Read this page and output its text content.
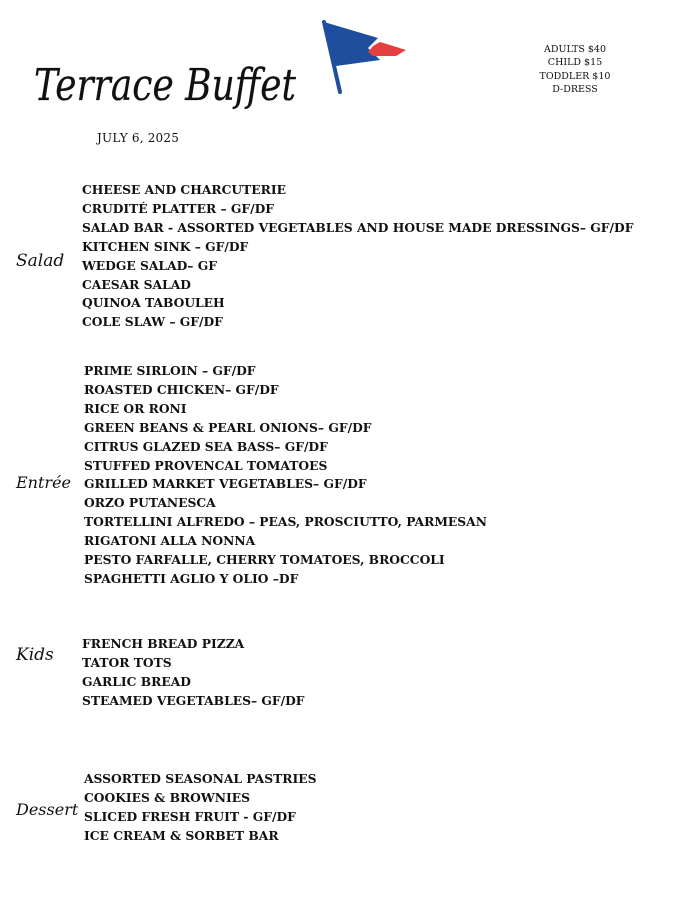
Terrace Buffet
ADULTS $40
CHILD $15
TODDLER $10
D-DRESS
JULY 6, 2025
Salad
CHEESE AND CHARCUTERIE
CRUDITÉ PLATTER – GF/DF
SALAD BAR - ASSORTED VEGETABLES AND HOUSE MADE DRESSINGS– GF/DF
KITCHEN SINK – GF/DF
WEDGE SALAD– GF
CAESAR SALAD
QUINOA TABOULEH
COLE SLAW – GF/DF
Entrée
PRIME SIRLOIN – GF/DF
ROASTED CHICKEN– GF/DF
RICE OR RONI
GREEN BEANS & PEARL ONIONS– GF/DF
CITRUS GLAZED SEA BASS– GF/DF
STUFFED PROVENCAL TOMATOES
GRILLED MARKET VEGETABLES– GF/DF
ORZO PUTANESCA
TORTELLINI ALFREDO – PEAS, PROSCIUTTO, PARMESAN
RIGATONI ALLA NONNA
PESTO FARFALLE, CHERRY TOMATOES, BROCCOLI
SPAGHETTI AGLIO Y OLIO –DF
Kids
FRENCH BREAD PIZZA
TATOR TOTS
GARLIC BREAD
STEAMED VEGETABLES– GF/DF
Dessert
ASSORTED SEASONAL PASTRIES
COOKIES & BROWNIES
SLICED FRESH FRUIT - GF/DF
ICE CREAM & SORBET BAR
